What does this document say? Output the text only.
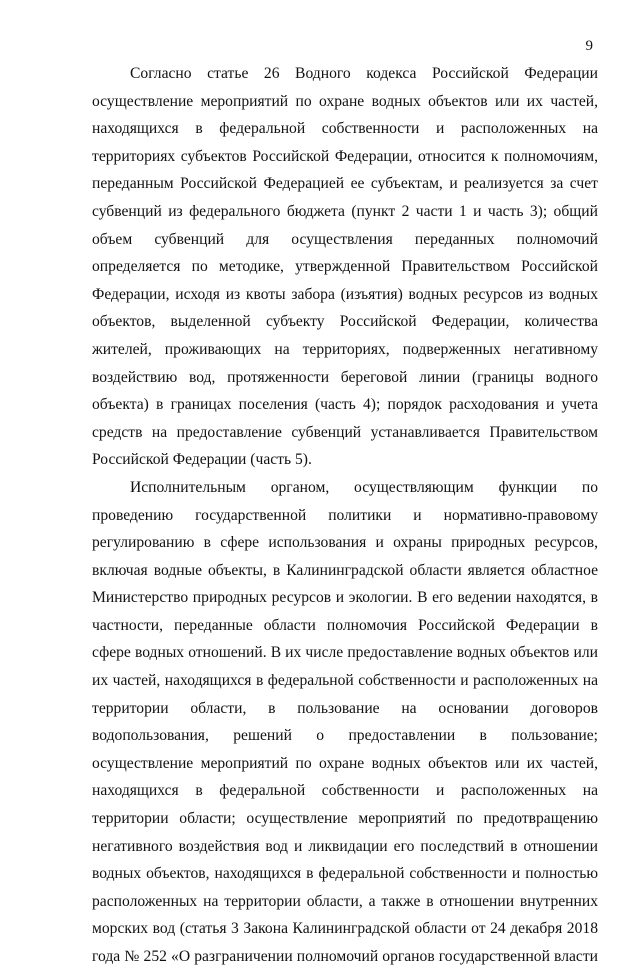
9

Согласно статье 26 Водного кодекса Российской Федерации осуществление мероприятий по охране водных объектов или их частей, находящихся в федеральной собственности и расположенных на территориях субъектов Российской Федерации, относится к полномочиям, переданным Российской Федерацией ее субъектам, и реализуется за счет субвенций из федерального бюджета (пункт 2 части 1 и часть 3); общий объем субвенций для осуществления переданных полномочий определяется по методике, утвержденной Правительством Российской Федерации, исходя из квоты забора (изъятия) водных ресурсов из водных объектов, выделенной субъекту Российской Федерации, количества жителей, проживающих на территориях, подверженных негативному воздействию вод, протяженности береговой линии (границы водного объекта) в границах поселения (часть 4); порядок расходования и учета средств на предоставление субвенций устанавливается Правительством Российской Федерации (часть 5).

Исполнительным органом, осуществляющим функции по проведению государственной политики и нормативно-правовому регулированию в сфере использования и охраны природных ресурсов, включая водные объекты, в Калининградской области является областное Министерство природных ресурсов и экологии. В его ведении находятся, в частности, переданные области полномочия Российской Федерации в сфере водных отношений. В их числе предоставление водных объектов или их частей, находящихся в федеральной собственности и расположенных на территории области, в пользование на основании договоров водопользования, решений о предоставлении в пользование; осуществление мероприятий по охране водных объектов или их частей, находящихся в федеральной собственности и расположенных на территории области; осуществление мероприятий по предотвращению негативного воздействия вод и ликвидации его последствий в отношении водных объектов, находящихся в федеральной собственности и полностью расположенных на территории области, а также в отношении внутренних морских вод (статья 3 Закона Калининградской области от 24 декабря 2018 года № 252 «О разграничении полномочий органов государственной власти
